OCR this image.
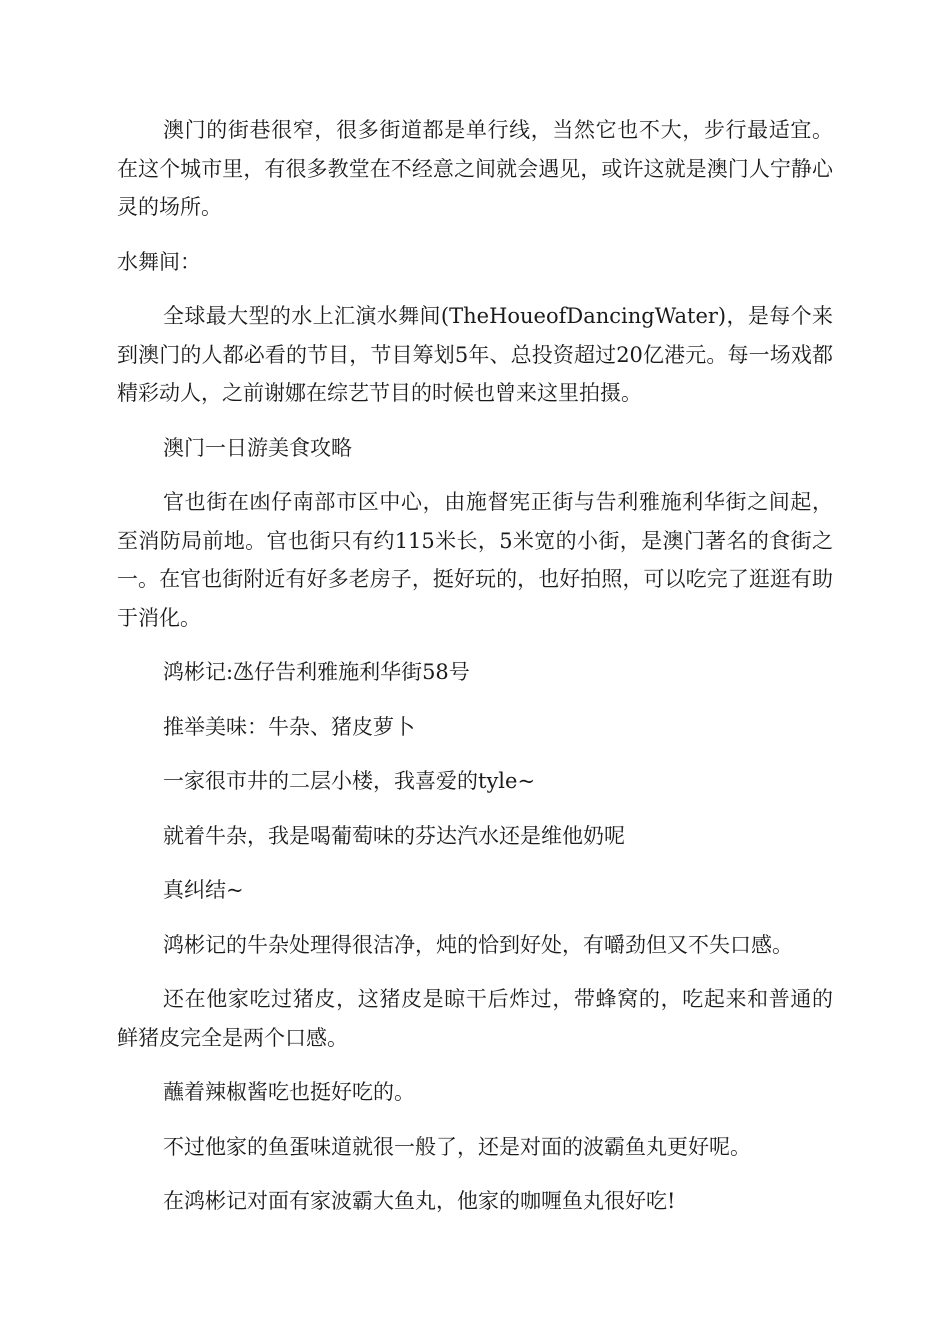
澳门的街巷很窄，很多街道都是单行线，当然它也不大，步行最适宜。在这个城市里，有很多教堂在不经意之间就会遇见，或许这就是澳门人宁静心灵的场所。

水舞间：

全球最大型的水上汇演水舞间(TheHoueofDancingWater)，是每个来到澳门的人都必看的节目，节目筹划5年、总投资超过20亿港元。每一场戏都精彩动人，之前谢娜在综艺节目的时候也曾来这里拍摄。

澳门一日游美食攻略

官也街在凼仔南部市区中心，由施督宪正街与告利雅施利华街之间起，至消防局前地。官也街只有约115米长，5米宽的小街，是澳门著名的食街之一。在官也街附近有好多老房子，挺好玩的，也好拍照，可以吃完了逛逛有助于消化。

鸿彬记:氹仔告利雅施利华街58号

推举美味：牛杂、猪皮萝卜

一家很市井的二层小楼，我喜爱的tyle~

就着牛杂，我是喝葡萄味的芬达汽水还是维他奶呢

真纠结~

鸿彬记的牛杂处理得很洁净，炖的恰到好处，有嚼劲但又不失口感。

还在他家吃过猪皮，这猪皮是晾干后炸过，带蜂窝的，吃起来和普通的鲜猪皮完全是两个口感。

蘸着辣椒酱吃也挺好吃的。

不过他家的鱼蛋味道就很一般了，还是对面的波霸鱼丸更好呢。

在鸿彬记对面有家波霸大鱼丸，他家的咖喱鱼丸很好吃!
